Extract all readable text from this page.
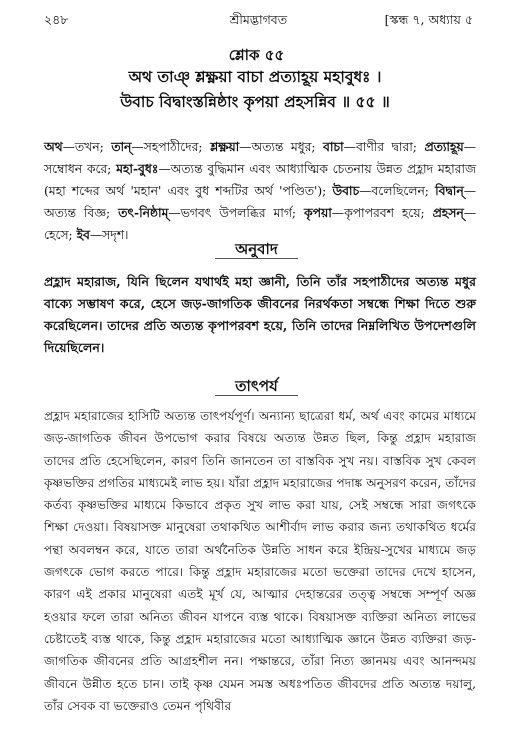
২৪৮	শ্রীমদ্ভাগবত	[স্কন্ধ ৭, অধ্যায় ৫
শ্লোক ৫৫
অথ তাঞ্ শ্লক্ষ্ণয়া বাচা প্রত্যাহূয় মহাবুধঃ ।
উবাচ বিদ্বাংস্তন্নিষ্ঠাং কৃপয়া প্রহসন্নিব ॥ ৫৫ ॥
অথ—তখন; তান্—সহপাঠীদের; শ্লক্ষ্ণয়া—অত্যন্ত মধুর; বাচা—বাণীর দ্বারা; প্রত্যাহূয়—সম্বোধন করে; মহা-বুধঃ—অত্যন্ত বুদ্ধিমান এবং আধ্যাত্মিক চেতনায় উন্নত প্রহ্লাদ মহারাজ (মহা শব্দের অর্থ 'মহান' এবং বুধ শব্দটির অর্থ 'পণ্ডিত'); উবাচ—বলেছিলেন; বিদ্বান্—অত্যন্ত বিজ্ঞ; তৎ-নিষ্ঠাম্—ভগবৎ উপলব্ধির মার্গ; কৃপয়া—কৃপাপরবশ হয়ে; প্রহসন্—হেসে; ইব—সদৃশ।
অনুবাদ
প্রহ্লাদ মহারাজ, যিনি ছিলেন যথার্থই মহা জ্ঞানী, তিনি তাঁর সহপাঠীদের অত্যন্ত মধুর বাক্যে সম্ভাষণ করে, হেসে জড়-জাগতিক জীবনের নিরর্থকতা সম্বন্ধে শিক্ষা দিতে শুরু করেছিলেন। তাদের প্রতি অত্যন্ত কৃপাপরবশ হয়ে, তিনি তাদের নিম্নলিখিত উপদেশগুলি দিয়েছিলেন।
তাৎপর্য
প্রহ্লাদ মহারাজের হাসিটি অত্যন্ত তাৎপর্যপূর্ণ। অন্যান্য ছাত্রেরা ধর্ম, অর্থ এবং কামের মাধ্যমে জড়-জাগতিক জীবন উপভোগ করার বিষয়ে অত্যন্ত উন্নত ছিল, কিন্তু প্রহ্লাদ মহারাজ তাদের প্রতি হেসেছিলেন, কারণ তিনি জানতেন তা বাস্তবিক সুখ নয়। বাস্তবিক সুখ কেবল কৃষ্ণভক্তির প্রগতির মাধ্যমেই লাভ হয়। যাঁরা প্রহ্লাদ মহারাজের পদাঙ্ক অনুসরণ করেন, তাঁদের কর্তব্য কৃষ্ণভক্তির মাধ্যমে কিভাবে প্রকৃত সুখ লাভ করা যায়, সেই সম্বন্ধে সারা জগৎকে শিক্ষা দেওয়া। বিষয়াসক্ত মানুষেরা তথাকথিত আশীর্বাদ লাভ করার জন্য তথাকথিত ধর্মের পন্থা অবলম্বন করে, যাতে তারা অর্থনৈতিক উন্নতি সাধন করে ইন্দ্রিয়-সুখের মাধ্যমে জড় জগৎকে ভোগ করতে পারে। কিন্তু প্রহ্লাদ মহারাজের মতো ভক্তেরা তাদের দেখে হাসেন, কারণ এই প্রকার মানুষেরা এতই মূর্খ যে, আত্মার দেহান্তরের তত্ত্ব সম্বন্ধে সম্পূর্ণ অজ্ঞ হওয়ার ফলে তারা অনিত্য জীবন যাপনে ব্যস্ত থাকে। বিষয়াসক্ত ব্যক্তিরা অনিত্য লাভের চেষ্টাতেই ব্যস্ত থাকে, কিন্তু প্রহ্লাদ মহারাজের মতো আধ্যাত্মিক জ্ঞানে উন্নত ব্যক্তিরা জড়-জাগতিক জীবনের প্রতি আগ্রহশীল নন। পক্ষান্তরে, তাঁরা নিত্য জ্ঞানময় এবং আনন্দময় জীবনে উন্নীত হতে চান। তাই কৃষ্ণ যেমন সমস্ত অধঃপতিত জীবদের প্রতি অত্যন্ত দয়ালু, তাঁর সেবক বা ভক্তেরাও তেমন পৃথিবীর
